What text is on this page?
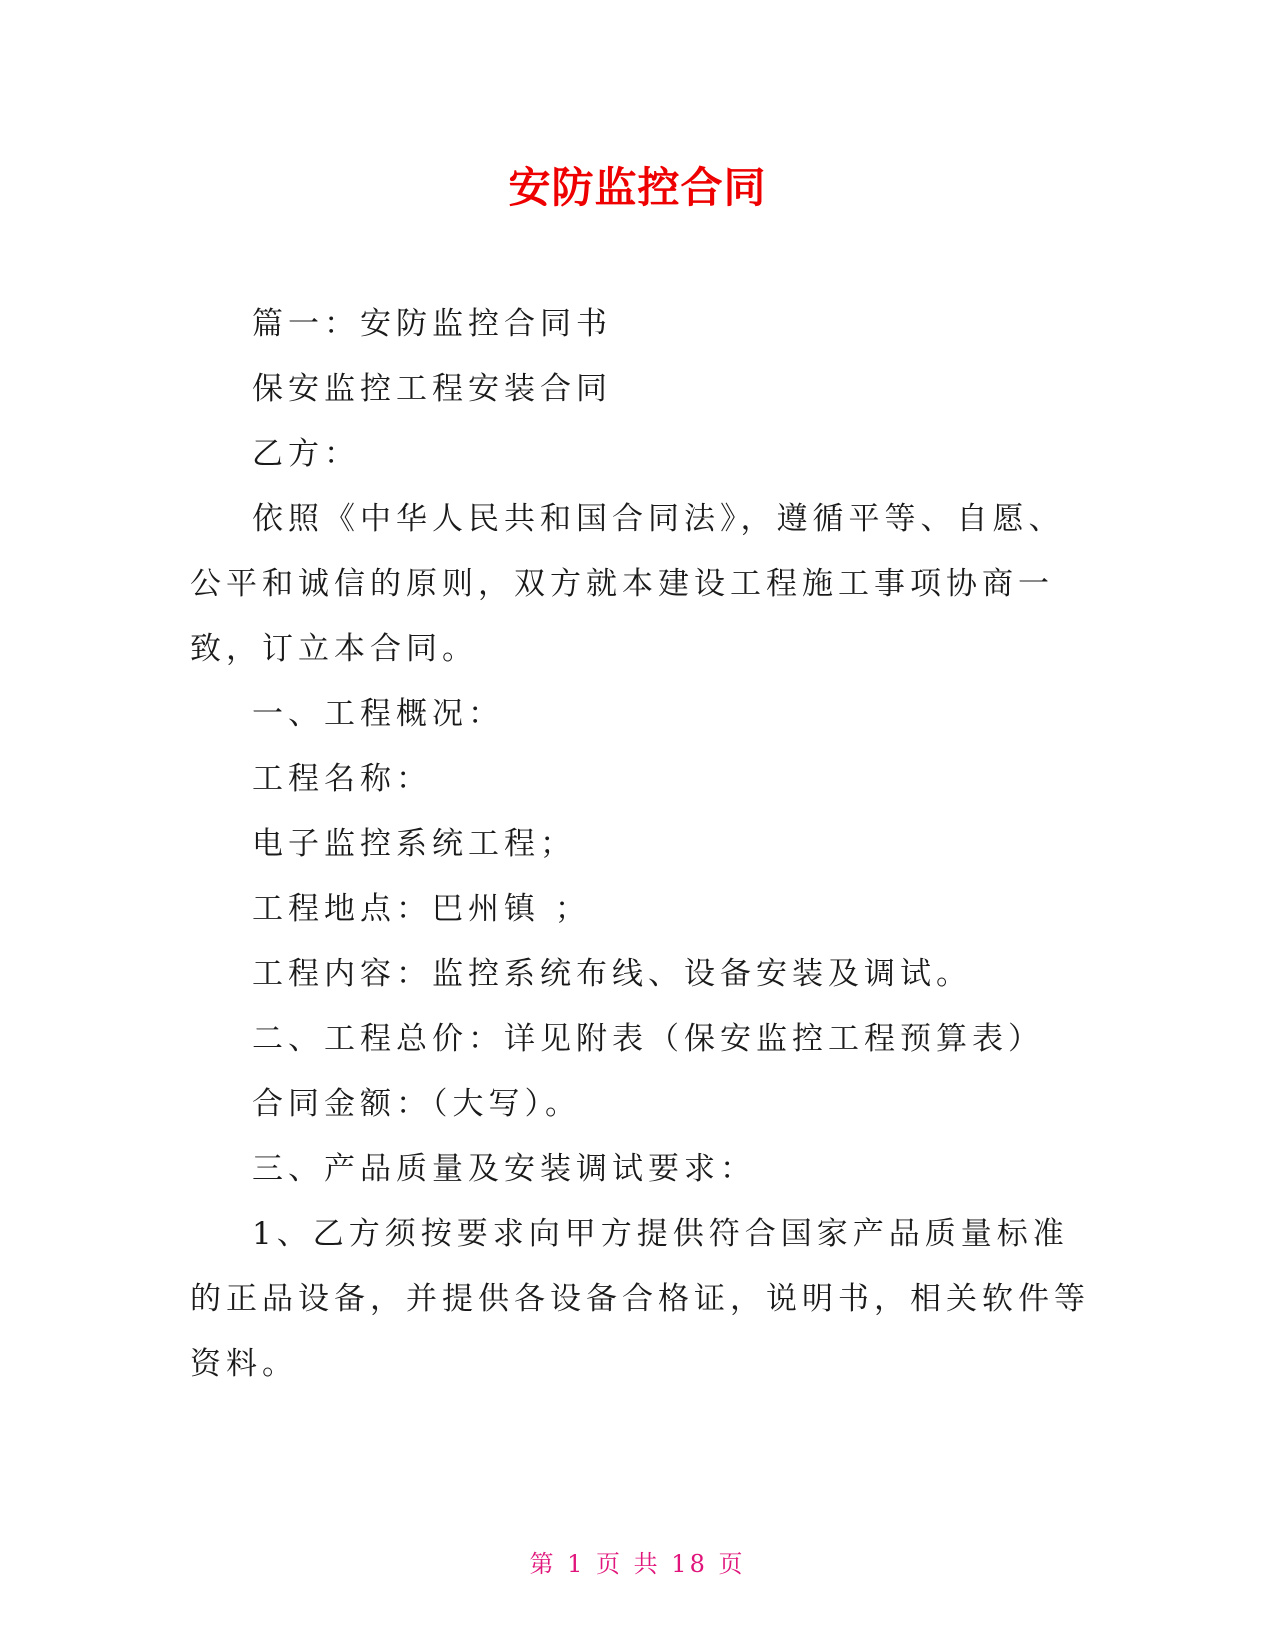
安防监控合同

篇一：安防监控合同书

保安监控工程安装合同

乙方：

依照《中华人民共和国合同法》，遵循平等、自愿、公平和诚信的原则，双方就本建设工程施工事项协商一致，订立本合同。

一、工程概况：

工程名称：

电子监控系统工程；

工程地点：巴州镇 ；

工程内容：监控系统布线、设备安装及调试。

二、工程总价：详见附表（保安监控工程预算表）

合同金额：（大写）。

三、产品质量及安装调试要求：

1、乙方须按要求向甲方提供符合国家产品质量标准的正品设备，并提供各设备合格证，说明书，相关软件等资料。

第 1 页 共 18 页
